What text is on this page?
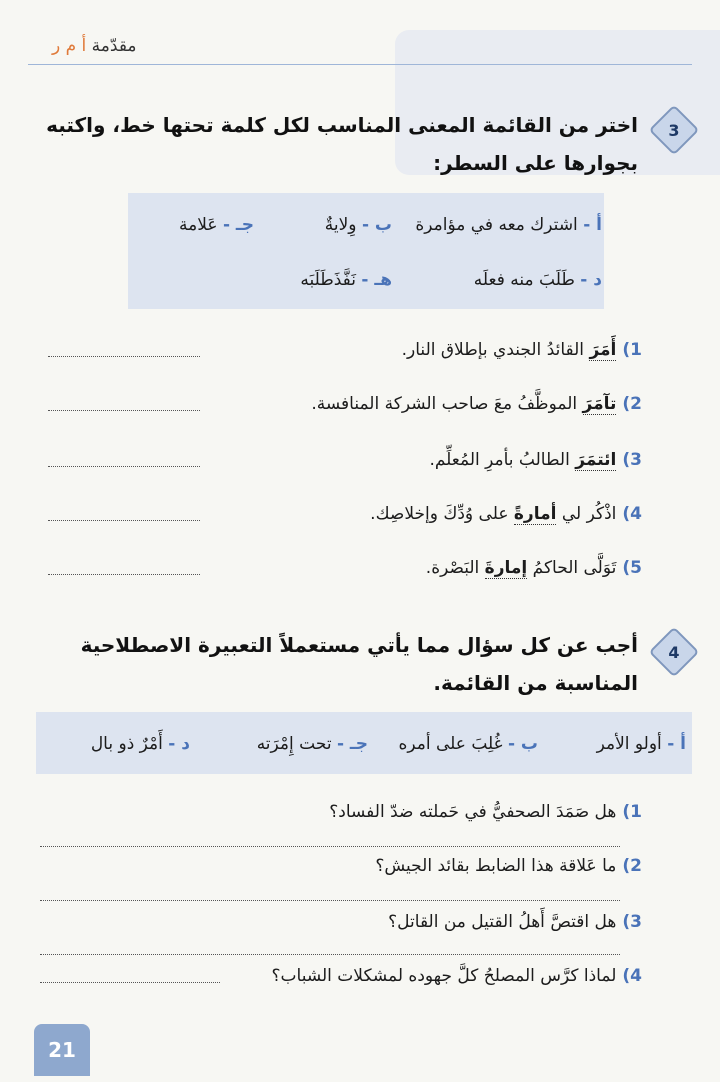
مقدّمة أ م ر
3
اختر من القائمة المعنى المناسب لكل كلمة تحتها خط، واكتبه
بجوارها على السطر:
أ - اشترك معه في مؤامرة
ب - وِلايةٌ
جـ - عَلامة
د - طَلَبَ منه فعلَه
هـ - نَفَّذَطَلَبَه
1)أَمَرَ القائدُ الجندي بإطلاق النار.
2)تآمَرَ الموظَّفُ معَ صاحب الشركة المنافسة.
3)ائتمَرَ الطالبُ بأمرِ المُعلِّم.
4)اذْكُر لي أمارةً على وُدِّكَ وإخلاصِك.
5)تَوَلَّى الحاكمُ إمارةَ البَصْرة.
4
أجب عن كل سؤال مما يأتي مستعملاً التعبيرة الاصطلاحية
المناسبة من القائمة.
أ - أولو الأمر
ب - غُلِبَ على أمره
جـ - تحت إِمْرَته
د - أَمْرٌ ذو بال
1)هل صَمَدَ الصحفيُّ في حَملته ضدّ الفساد؟
2)ما عَلاقة هذا الضابط بقائد الجيش؟
3)هل اقتصَّ أَهلُ القتيل من القاتل؟
4)لماذا كرَّس المصلحُ كلَّ جهوده لمشكلات الشباب؟
21
